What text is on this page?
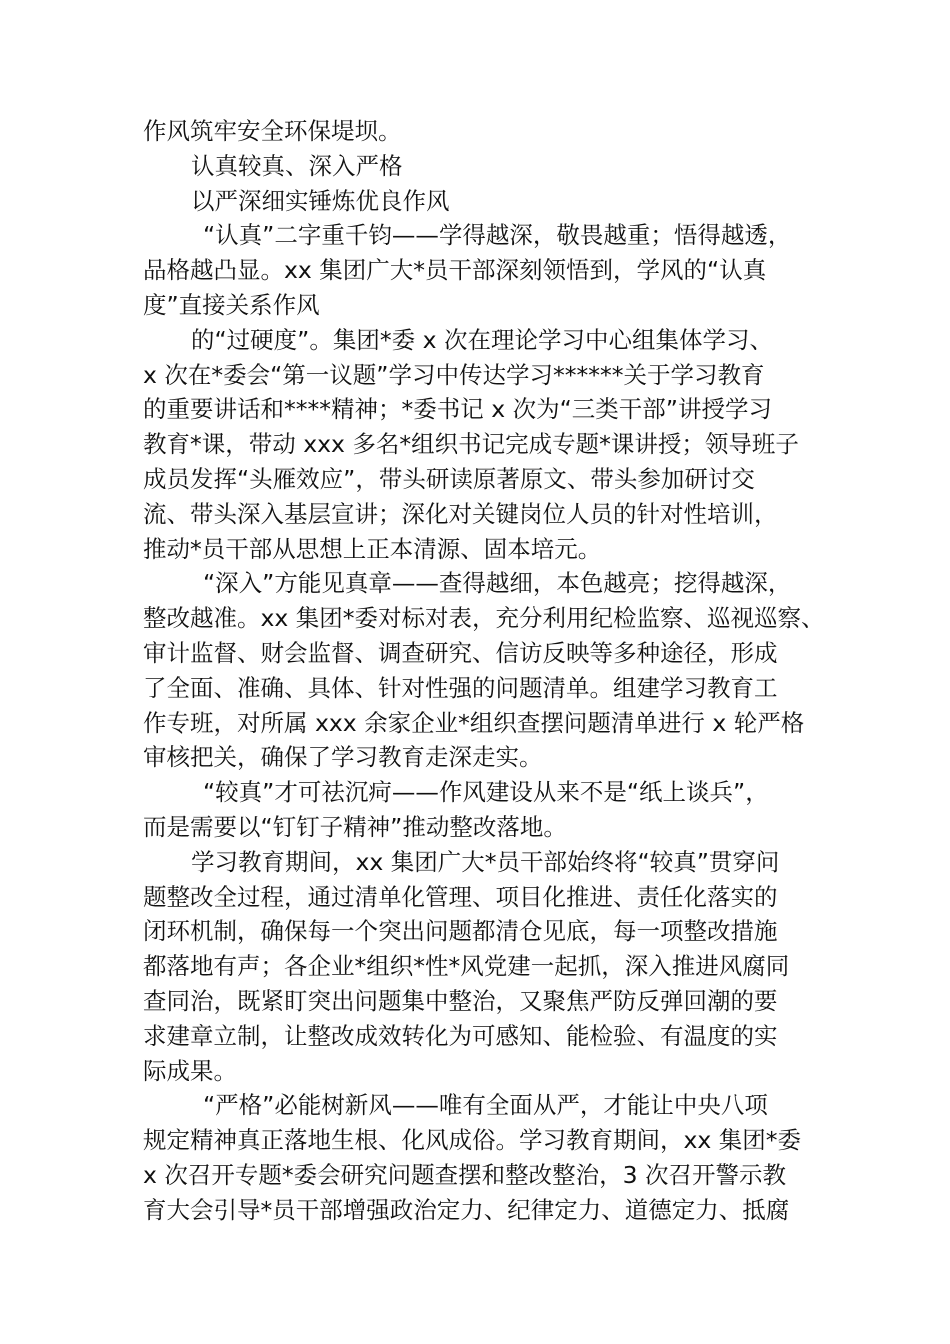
作风筑牢安全环保堤坝。
认真较真、深入严格
以严深细实锤炼优良作风
“认真”二字重千钧——学得越深，敬畏越重；悟得越透，
品格越凸显。xx 集团广大*员干部深刻领悟到，学风的“认真
度”直接关系作风
的“过硬度”。集团*委 x 次在理论学习中心组集体学习、
x 次在*委会“第一议题”学习中传达学习******关于学习教育
的重要讲话和****精神；*委书记 x 次为“三类干部”讲授学习
教育*课，带动 xxx 多名*组织书记完成专题*课讲授；领导班子
成员发挥“头雁效应”，带头研读原著原文、带头参加研讨交
流、带头深入基层宣讲；深化对关键岗位人员的针对性培训，
推动*员干部从思想上正本清源、固本培元。
“深入”方能见真章——查得越细，本色越亮；挖得越深，
整改越准。xx 集团*委对标对表，充分利用纪检监察、巡视巡察、
审计监督、财会监督、调查研究、信访反映等多种途径，形成
了全面、准确、具体、针对性强的问题清单。组建学习教育工
作专班，对所属 xxx 余家企业*组织查摆问题清单进行 x 轮严格
审核把关，确保了学习教育走深走实。
“较真”才可祛沉疴——作风建设从来不是“纸上谈兵”，
而是需要以“钉钉子精神”推动整改落地。
学习教育期间，xx 集团广大*员干部始终将“较真”贯穿问
题整改全过程，通过清单化管理、项目化推进、责任化落实的
闭环机制，确保每一个突出问题都清仓见底，每一项整改措施
都落地有声；各企业*组织*性*风党建一起抓，深入推进风腐同
查同治，既紧盯突出问题集中整治，又聚焦严防反弹回潮的要
求建章立制，让整改成效转化为可感知、能检验、有温度的实
际成果。
“严格”必能树新风——唯有全面从严，才能让中央八项
规定精神真正落地生根、化风成俗。学习教育期间，xx 集团*委
x 次召开专题*委会研究问题查摆和整改整治，3 次召开警示教
育大会引导*员干部增强政治定力、纪律定力、道德定力、抵腐
